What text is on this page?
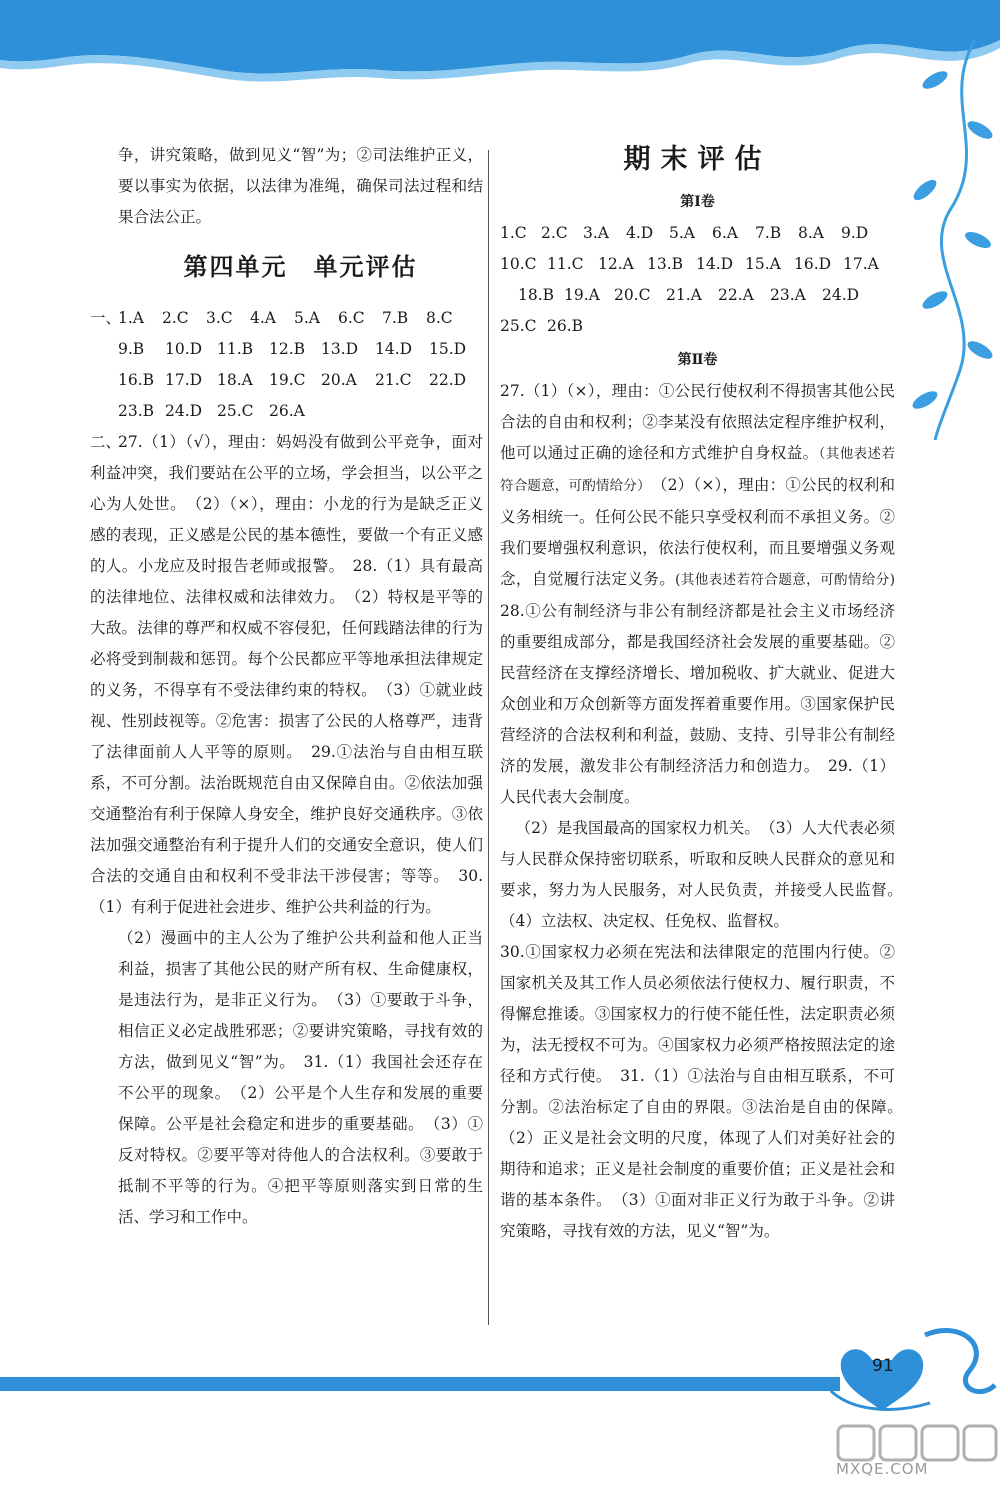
争，讲究策略，做到见义“智”为；②司法维护正义，要以事实为依据，以法律为准绳，确保司法过程和结果合法公正。

第四单元　单元评估

一、1.A 2.C 3.C 4.A 5.A 6.C 7.B 8.C

9.B 10.D 11.B 12.B 13.D 14.D 15.D

16.B 17.D 18.A 19.C 20.A 21.C 22.D

23.B 24.D 25.C 26.A

二、27.（1）（√），理由：妈妈没有做到公平竞争，面对利益冲突，我们要站在公平的立场，学会担当，以公平之心为人处世。　（2）（×），理由：小龙的行为是缺乏正义感的表现，正义感是公民的基本德性，要做一个有正义感的人。小龙应及时报告老师或报警。　28.（1）具有最高的法律地位、法律权威和法律效力。　（2）特权是平等的大敌。法律的尊严和权威不容侵犯，任何践踏法律的行为必将受到制裁和惩罚。每个公民都应平等地承担法律规定的义务，不得享有不受法律约束的特权。　（3）①就业歧视、性别歧视等。②危害：损害了公民的人格尊严，违背了法律面前人人平等的原则。　29.①法治与自由相互联系，不可分割。法治既规范自由又保障自由。②依法加强交通整治有利于保障人身安全，维护良好交通秩序。③依法加强交通整治有利于提升人们的交通安全意识，使人们合法的交通自由和权利不受非法干涉侵害；等等。　30.（1）有利于促进社会进步、维护公共利益的行为。

（2）漫画中的主人公为了维护公共利益和他人正当利益，损害了其他公民的财产所有权、生命健康权，是违法行为，是非正义行为。　（3）①要敢于斗争，相信正义必定战胜邪恶；②要讲究策略，寻找有效的方法，做到见义“智”为。　31.（1）我国社会还存在不公平的现象。　（2）公平是个人生存和发展的重要保障。公平是社会稳定和进步的重要基础。　（3）①反对特权。②要平等对待他人的合法权利。③要敢于抵制不平等的行为。④把平等原则落实到日常的生活、学习和工作中。

期末评估
第Ⅰ卷

1.C 2.C 3.A 4.D 5.A 6.A 7.B 8.A 9.D

10.C 11.C 12.A 13.B 14.D 15.A 16.D 17.A

18.B 19.A 20.C 21.A 22.A 23.A 24.D

25.C 26.B

第Ⅱ卷

27.（1）（×），理由：①公民行使权利不得损害其他公民合法的自由和权利；②李某没有依照法定程序维护权利，他可以通过正确的途径和方式维护自身权益。（其他表述若符合题意，可酌情给分）　 （2）（×），理由：①公民的权利和义务相统一。任何公民不能只享受权利而不承担义务。②我们要增强权利意识，依法行使权利，而且要增强义务观念，自觉履行法定义务。(其他表述若符合题意，可酌情给分)　28.①公有制经济与非公有制经济都是社会主义市场经济的重要组成部分，都是我国经济社会发展的重要基础。②民营经济在支撑经济增长、增加税收、扩大就业、促进大众创业和万众创新等方面发挥着重要作用。③国家保护民营经济的合法权利和利益，鼓励、支持、引导非公有制经济的发展，激发非公有制经济活力和创造力。　29.（1）人民代表大会制度。

（2）是我国最高的国家权力机关。　（3）人大代表必须与人民群众保持密切联系，听取和反映人民群众的意见和要求，努力为人民服务，对人民负责，并接受人民监督。　（4）立法权、决定权、任免权、监督权。

30.①国家权力必须在宪法和法律限定的范围内行使。②国家机关及其工作人员必须依法行使权力、履行职责，不得懈怠推诿。③国家权力的行使不能任性，法定职责必须为，法无授权不可为。④国家权力必须严格按照法定的途径和方式行使。　31.（1）①法治与自由相互联系，不可分割。②法治标定了自由的界限。③法治是自由的保障。　（2）正义是社会文明的尺度，体现了人们对美好社会的期待和追求；正义是社会制度的重要价值；正义是社会和谐的基本条件。　（3）①面对非正义行为敢于斗争。②讲究策略，寻找有效的方法，见义“智”为。

91
MXQE.COM
